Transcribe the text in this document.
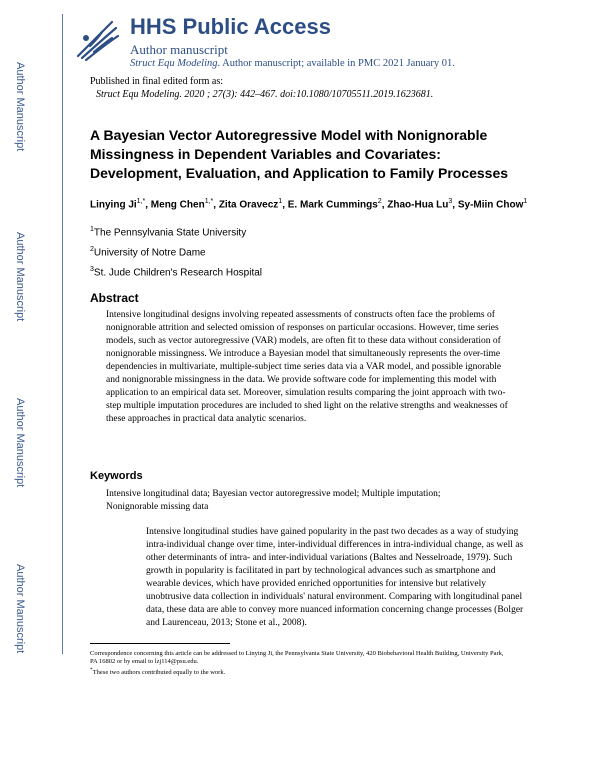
Author Manuscript
Author Manuscript
Author Manuscript
Author Manuscript
HHS Public Access
Author manuscript
Struct Equ Modeling. Author manuscript; available in PMC 2021 January 01.
Published in final edited form as:
Struct Equ Modeling. 2020 ; 27(3): 442–467. doi:10.1080/10705511.2019.1623681.
A Bayesian Vector Autoregressive Model with Nonignorable Missingness in Dependent Variables and Covariates: Development, Evaluation, and Application to Family Processes
Linying $Ji^{1,*}$, Meng Chen$^{1,*}$, Zita Oravecz$^1$, E. Mark Cummings$^2$, Zhao-Hua Lu$^3$, Sy-Miin Chow$^1$
$^1$The Pennsylvania State University
$^2$University of Notre Dame
$^3$St. Jude Children's Research Hospital
Abstract
Intensive longitudinal designs involving repeated assessments of constructs often face the problems of nonignorable attrition and selected omission of responses on particular occasions. However, time series models, such as vector autoregressive (VAR) models, are often fit to these data without consideration of nonignorable missingness. We introduce a Bayesian model that simultaneously represents the over-time dependencies in multivariate, multiple-subject time series data via a VAR model, and possible ignorable and nonignorable missingness in the data. We provide software code for implementing this model with application to an empirical data set. Moreover, simulation results comparing the joint approach with two-step multiple imputation procedures are included to shed light on the relative strengths and weaknesses of these approaches in practical data analytic scenarios.
Keywords
Intensive longitudinal data; Bayesian vector autoregressive model; Multiple imputation; Nonignorable missing data
Intensive longitudinal studies have gained popularity in the past two decades as a way of studying intra-individual change over time, inter-individual differences in intra-individual change, as well as other determinants of intra- and inter-individual variations (Baltes and Nesselroade, 1979). Such growth in popularity is facilitated in part by technological advances such as smartphone and wearable devices, which have provided enriched opportunities for intensive but relatively unobtrusive data collection in individuals' natural environment. Comparing with longitudinal panel data, these data are able to convey more nuanced information concerning change processes (Bolger and Laurenceau, 2013; Stone et al., 2008).
Correspondence concerning this article can be addressed to Linying Ji, the Pennsylvania State University, 420 Biobehavioral Health Building, University Park, PA 16802 or by email to lzj114@psu.edu.
*These two authors contributed equally to the work.
